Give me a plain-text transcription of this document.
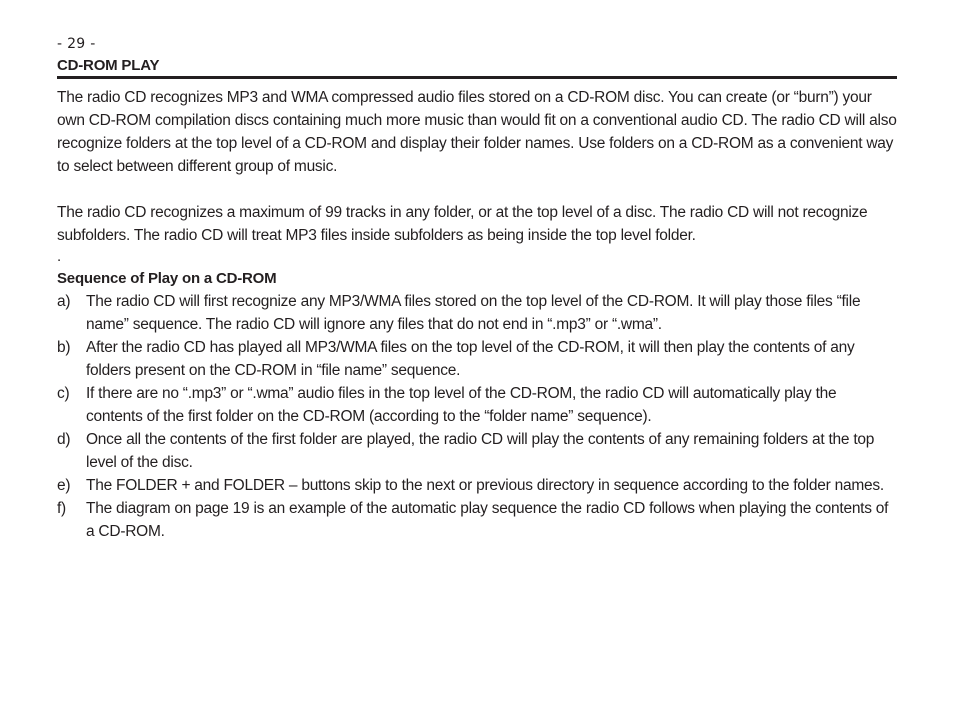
- 29 -

CD-ROM PLAY

The radio CD recognizes MP3 and WMA compressed audio files stored on a CD-ROM disc. You can create (or “burn”) your own CD-ROM compilation discs containing much more music than would fit on a conventional audio CD. The radio CD will also recognize folders at the top level of a CD-ROM and display their folder names. Use folders on a CD-ROM as a convenient way to select between different group of music.

The radio CD recognizes a maximum of 99 tracks in any folder, or at the top level of a disc. The radio CD will not recognize subfolders. The radio CD will treat MP3 files inside subfolders as being inside the top level folder.

.

Sequence of Play on a CD-ROM
a)	The radio CD will first recognize any MP3/WMA files stored on the top level of the CD-ROM. It will play those files “file name” sequence. The radio CD will ignore any files that do not end in “.mp3” or “.wma”.
b)	After the radio CD has played all MP3/WMA files on the top level of the CD-ROM, it will then play the contents of any folders present on the CD-ROM in “file name” sequence.
c)	If there are no “.mp3” or “.wma” audio files in the top level of the CD-ROM, the radio CD will automatically play the contents of the first folder on the CD-ROM (according to the “folder name” sequence).
d)	Once all the contents of the first folder are played, the radio CD will play the contents of any remaining folders at the top level of the disc.
e)	The FOLDER + and FOLDER – buttons skip to the next or previous directory in sequence according to the folder names.
f)	The diagram on page 19 is an example of the automatic play sequence the radio CD follows when playing the contents of a CD-ROM.
